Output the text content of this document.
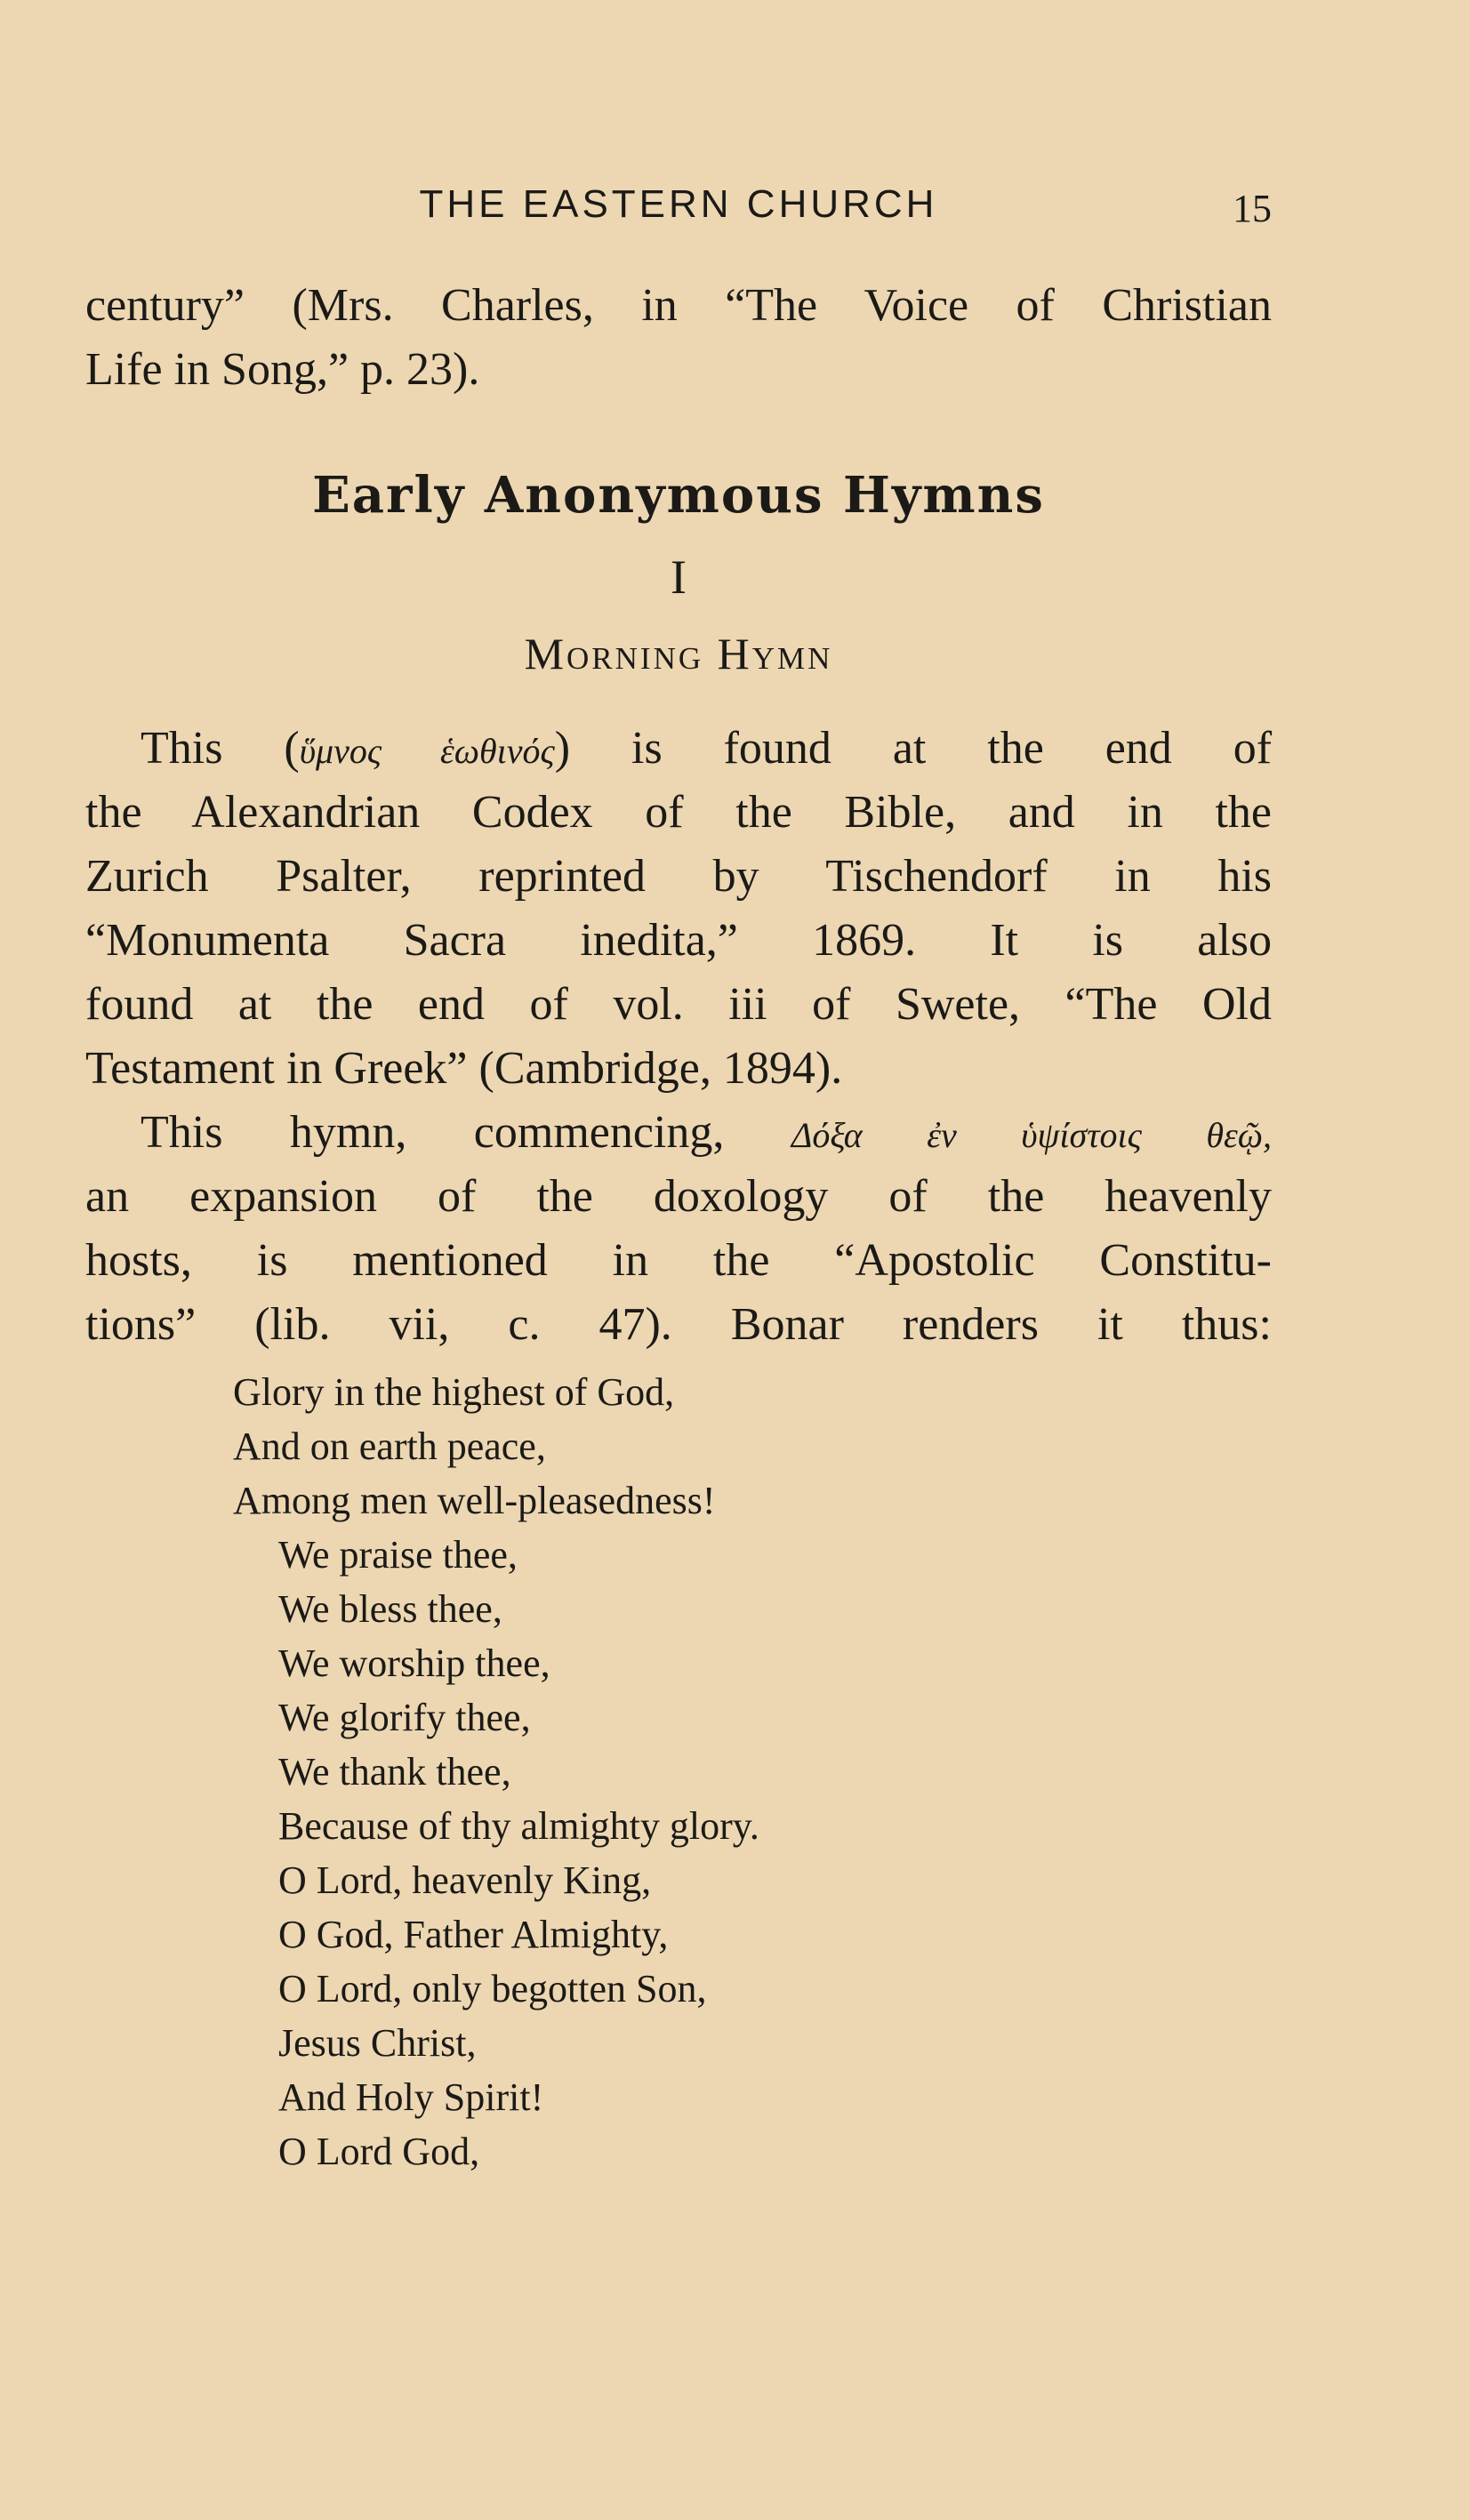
THE EASTERN CHURCH	15
century” (Mrs. Charles, in “The Voice of Christian
Life in Song,” p. 23).
Early Anonymous Hymns
I
Morning Hymn
This (ὕμνος ἑωθινός) is found at the end of
the Alexandrian Codex of the Bible, and in the
Zurich Psalter, reprinted by Tischendorf in his
“Monumenta Sacra inedita,” 1869. It is also
found at the end of vol. iii of Swete, “The Old
Testament in Greek” (Cambridge, 1894).
This hymn, commencing, Δόξα ἐν ὑψίστοις θεῷ,
an expansion of the doxology of the heavenly
hosts, is mentioned in the “Apostolic Constitu-
tions” (lib. vii, c. 47). Bonar renders it thus:
Glory in the highest of God,
And on earth peace,
Among men well-pleasedness!
We praise thee,
We bless thee,
We worship thee,
We glorify thee,
We thank thee,
Because of thy almighty glory.
O Lord, heavenly King,
O God, Father Almighty,
O Lord, only begotten Son,
Jesus Christ,
And Holy Spirit!
O Lord God,
